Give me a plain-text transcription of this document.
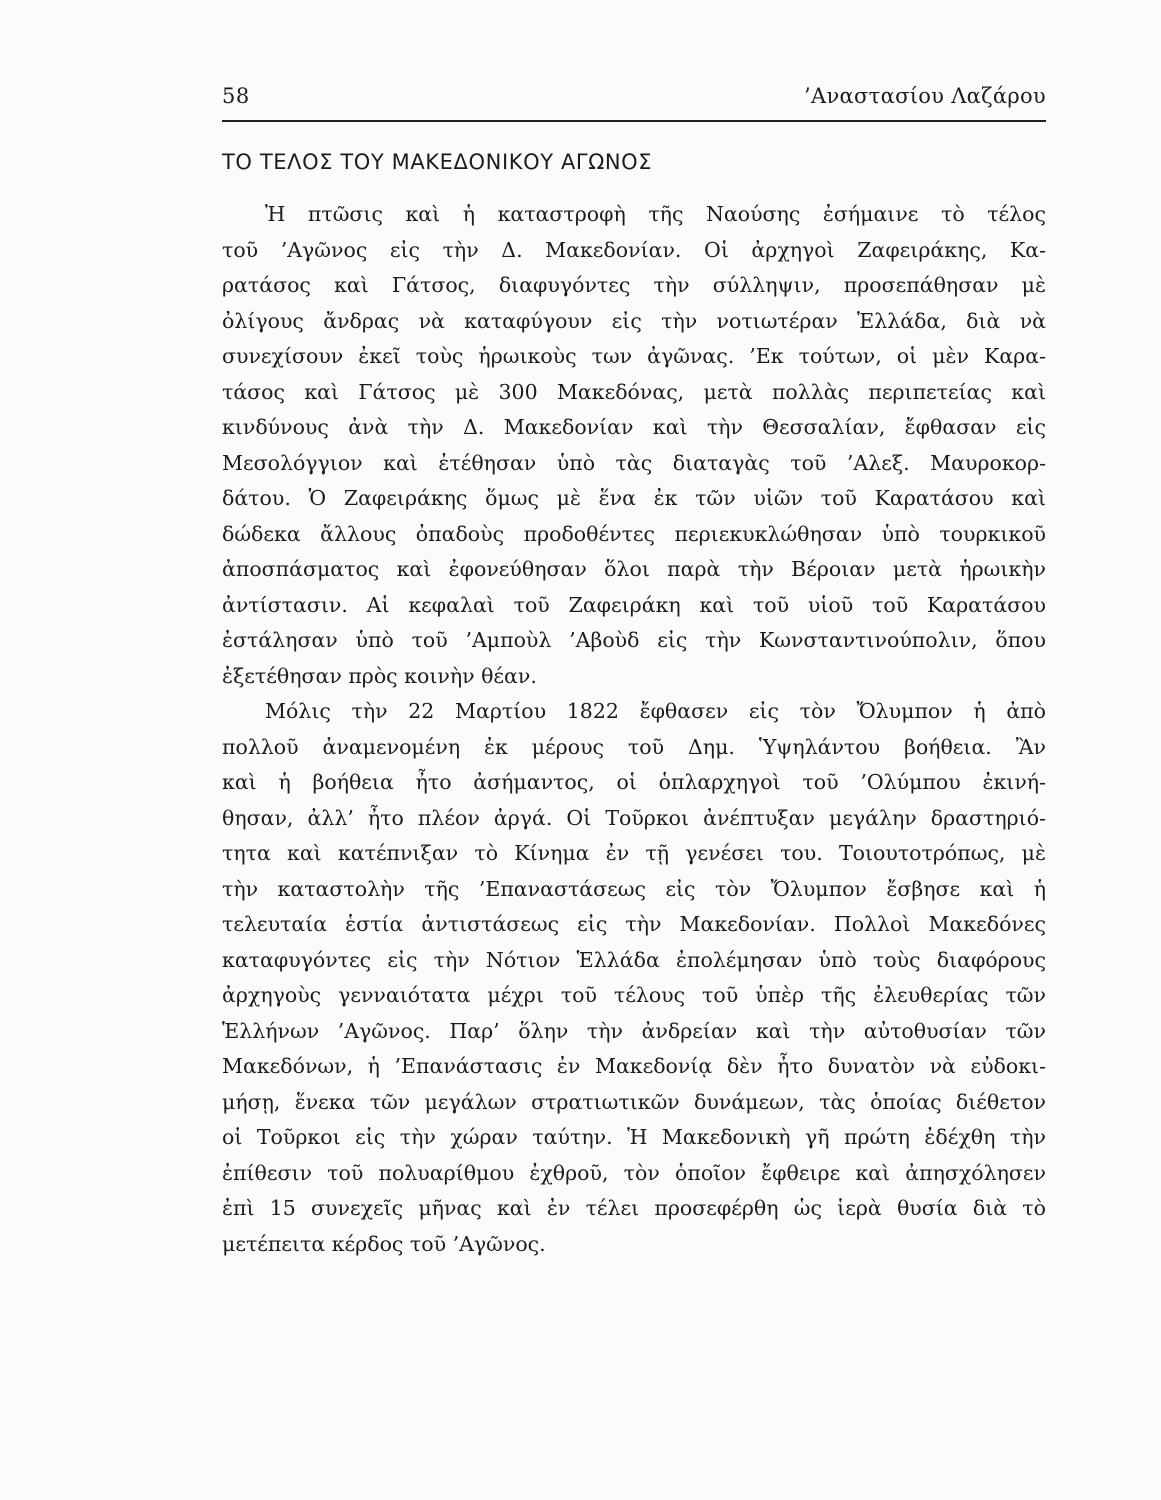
58	’Αναστασίου Λαζάρου
ΤΟ ΤΕΛΟΣ ΤΟΥ ΜΑΚΕΔΟΝΙΚΟΥ ΑΓΩΝΟΣ
Ἡ πτῶσις καὶ ἡ καταστροφὴ τῆς Ναούσης ἐσήμαινε τὸ τέλος
τοῦ ’Αγῶνος εἰς τὴν Δ. Μακεδονίαν. Οἱ ἀρχηγοὶ Ζαφειράκης, Κα-
ρατάσος καὶ Γάτσος, διαφυγόντες τὴν σύλληψιν, προσεπάθησαν μὲ
ὀλίγους ἄνδρας νὰ καταφύγουν εἰς τὴν νοτιωτέραν Ἑλλάδα, διὰ νὰ
συνεχίσουν ἐκεῖ τοὺς ἡρωικοὺς των ἀγῶνας. ’Εκ τούτων, οἱ μὲν Καρα-
τάσος καὶ Γάτσος μὲ 300 Μακεδόνας, μετὰ πολλὰς περιπετείας καὶ
κινδύνους ἀνὰ τὴν Δ. Μακεδονίαν καὶ τὴν Θεσσαλίαν, ἔφθασαν εἰς
Μεσολόγγιον καὶ ἐτέθησαν ὑπὸ τὰς διαταγὰς τοῦ ’Αλεξ. Μαυροκορ-
δάτου. Ὁ Ζαφειράκης ὅμως μὲ ἕνα ἐκ τῶν υἱῶν τοῦ Καρατάσου καὶ
δώδεκα ἄλλους ὀπαδοὺς προδοθέντες περιεκυκλώθησαν ὑπὸ τουρκικοῦ
ἀποσπάσματος καὶ ἐφονεύθησαν ὅλοι παρὰ τὴν Βέροιαν μετὰ ἡρωικὴν
ἀντίστασιν. Αἱ κεφαλαὶ τοῦ Ζαφειράκη καὶ τοῦ υἱοῦ τοῦ Καρατάσου
ἐστάλησαν ὑπὸ τοῦ ’Αμποὺλ ’Αβοὺδ εἰς τὴν Κωνσταντινούπολιν, ὅπου
ἐξετέθησαν πρὸς κοινὴν θέαν.
Μόλις τὴν 22 Μαρτίου 1822 ἔφθασεν εἰς τὸν Ὄλυμπον ἡ ἀπὸ
πολλοῦ ἀναμενομένη ἐκ μέρους τοῦ Δημ. Ὑψηλάντου βοήθεια. Ἂν
καὶ ἡ βοήθεια ἦτο ἀσήμαντος, οἱ ὁπλαρχηγοὶ τοῦ ’Ολύμπου ἐκινή-
θησαν, ἀλλ’ ἦτο πλέον ἀργά. Οἱ Τοῦρκοι ἀνέπτυξαν μεγάλην δραστηριό-
τητα καὶ κατέπνιξαν τὸ Κίνημα ἐν τῇ γενέσει του. Τοιουτοτρόπως, μὲ
τὴν καταστολὴν τῆς ’Επαναστάσεως εἰς τὸν Ὄλυμπον ἔσβησε καὶ ἡ
τελευταία ἑστία ἀντιστάσεως εἰς τὴν Μακεδονίαν. Πολλοὶ Μακεδόνες
καταφυγόντες εἰς τὴν Νότιον Ἑλλάδα ἐπολέμησαν ὑπὸ τοὺς διαφόρους
ἀρχηγοὺς γενναιότατα μέχρι τοῦ τέλους τοῦ ὑπὲρ τῆς ἐλευθερίας τῶν
Ἑλλήνων ’Αγῶνος. Παρ’ ὅλην τὴν ἀνδρείαν καὶ τὴν αὐτοθυσίαν τῶν
Μακεδόνων, ἡ ’Επανάστασις ἐν Μακεδονίᾳ δὲν ἦτο δυνατὸν νὰ εὐδοκι-
μήσῃ, ἕνεκα τῶν μεγάλων στρατιωτικῶν δυνάμεων, τὰς ὁποίας διέθετον
οἱ Τοῦρκοι εἰς τὴν χώραν ταύτην. Ἡ Μακεδονικὴ γῆ πρώτη ἐδέχθη τὴν
ἐπίθεσιν τοῦ πολυαρίθμου ἐχθροῦ, τὸν ὁποῖον ἔφθειρε καὶ ἀπησχόλησεν
ἐπὶ 15 συνεχεῖς μῆνας καὶ ἐν τέλει προσεφέρθη ὡς ἱερὰ θυσία διὰ τὸ
μετέπειτα κέρδος τοῦ ’Αγῶνος.
